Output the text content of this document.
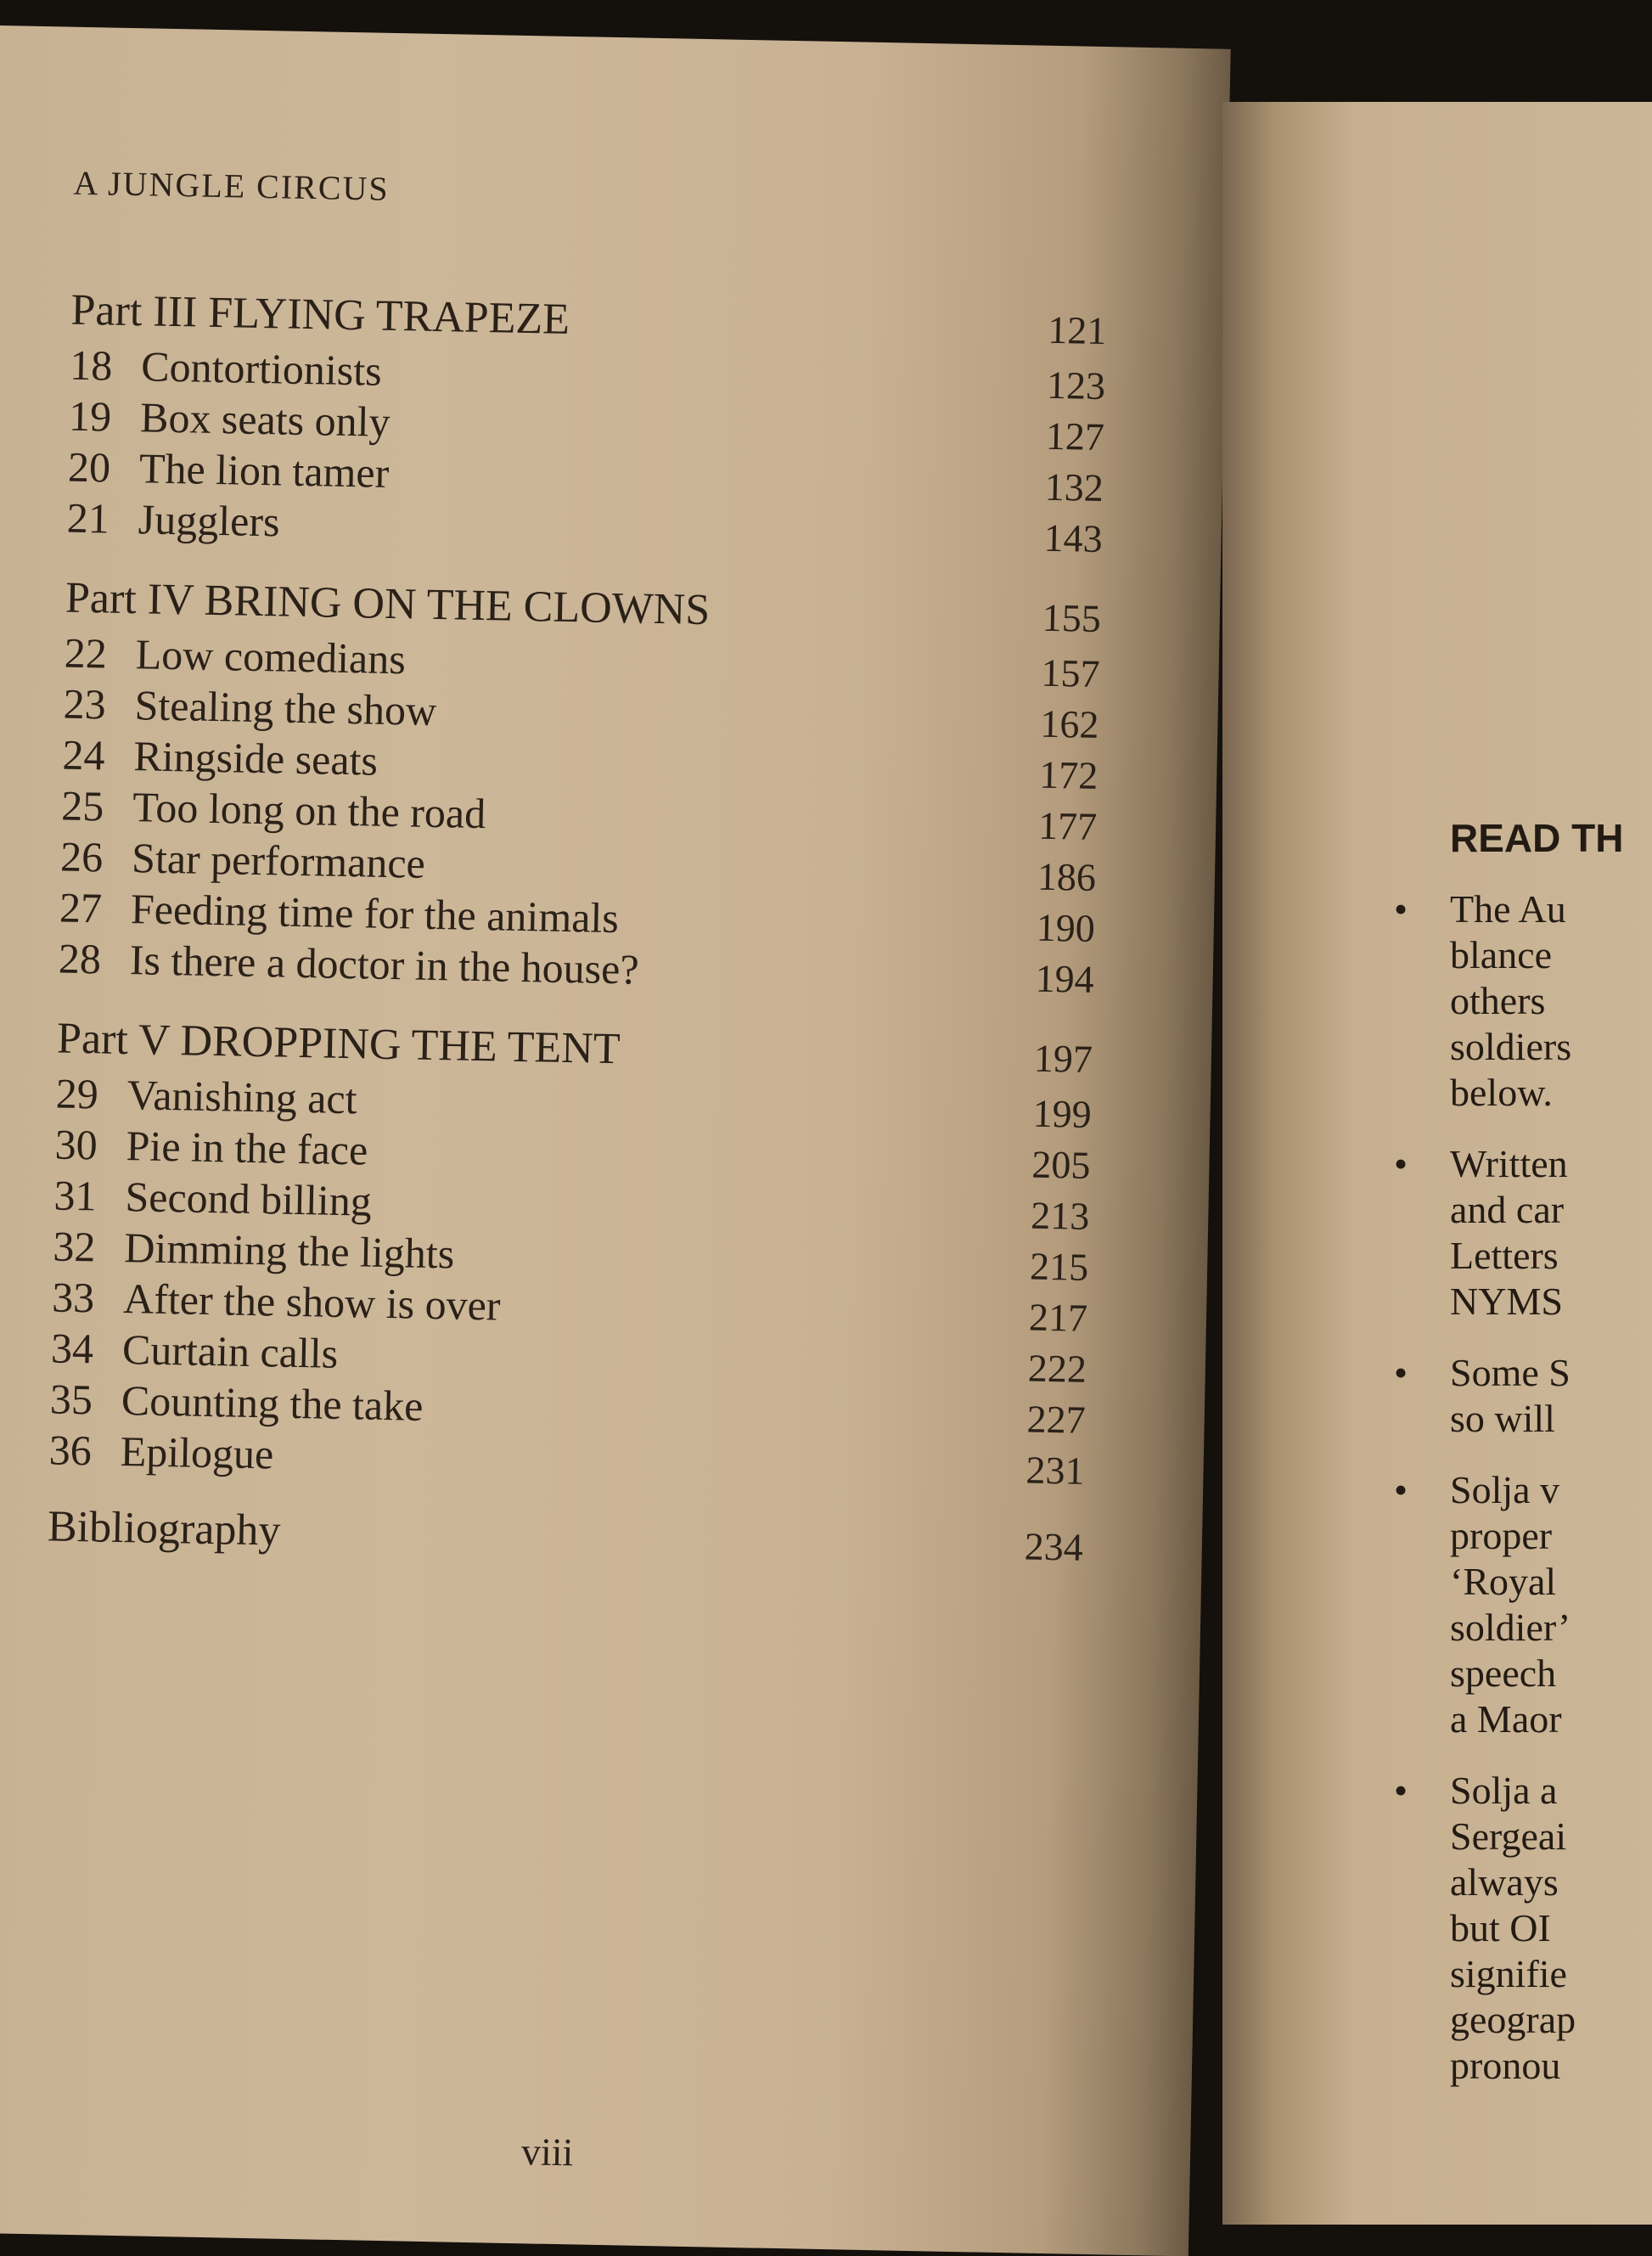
A JUNGLE CIRCUS
Part III FLYING TRAPEZE	121
18 Contortionists	123
19 Box seats only	127
20 The lion tamer	132
21 Jugglers	143
Part IV BRING ON THE CLOWNS	155
22 Low comedians	157
23 Stealing the show	162
24 Ringside seats	172
25 Too long on the road	177
26 Star performance	186
27 Feeding time for the animals	190
28 Is there a doctor in the house?	194
Part V DROPPING THE TENT	197
29 Vanishing act	199
30 Pie in the face	205
31 Second billing	213
32 Dimming the lights	215
33 After the show is over	217
34 Curtain calls	222
35 Counting the take	227
36 Epilogue	231
Bibliography	234
viii
READ TH
• The Au
blance
others
soldiers
below.
• Written
and car
Letters
NYMS
• Some S
so will
• Solja v
proper
‘Royal
soldier’
speech
a Maor
• Solja a
Sergeai
always
but OI
signifie
geograp
pronou
